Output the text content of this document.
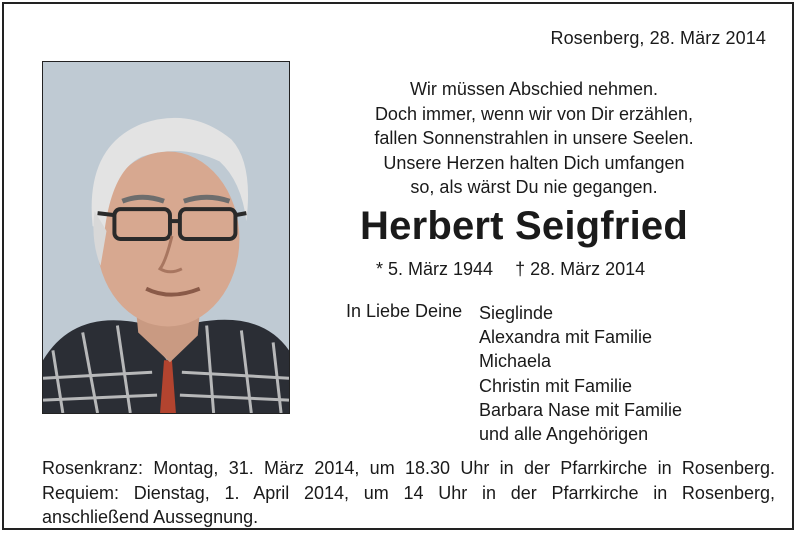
Rosenberg, 28. März 2014
Wir müssen Abschied nehmen.
Doch immer, wenn wir von Dir erzählen,
fallen Sonnenstrahlen in unsere Seelen.
Unsere Herzen halten Dich umfangen
so, als wärst Du nie gegangen.
Herbert Seigfried
* 5. März 1944 † 28. März 2014
In Liebe Deine Sieglinde
Alexandra mit Familie
Michaela
Christin mit Familie
Barbara Nase mit Familie
und alle Angehörigen
Rosenkranz: Montag, 31. März 2014, um 18.30 Uhr in der Pfarrkirche in Rosenberg.
Requiem: Dienstag, 1. April 2014, um 14 Uhr in der Pfarrkirche in Rosenberg,
anschließend Aussegnung.
